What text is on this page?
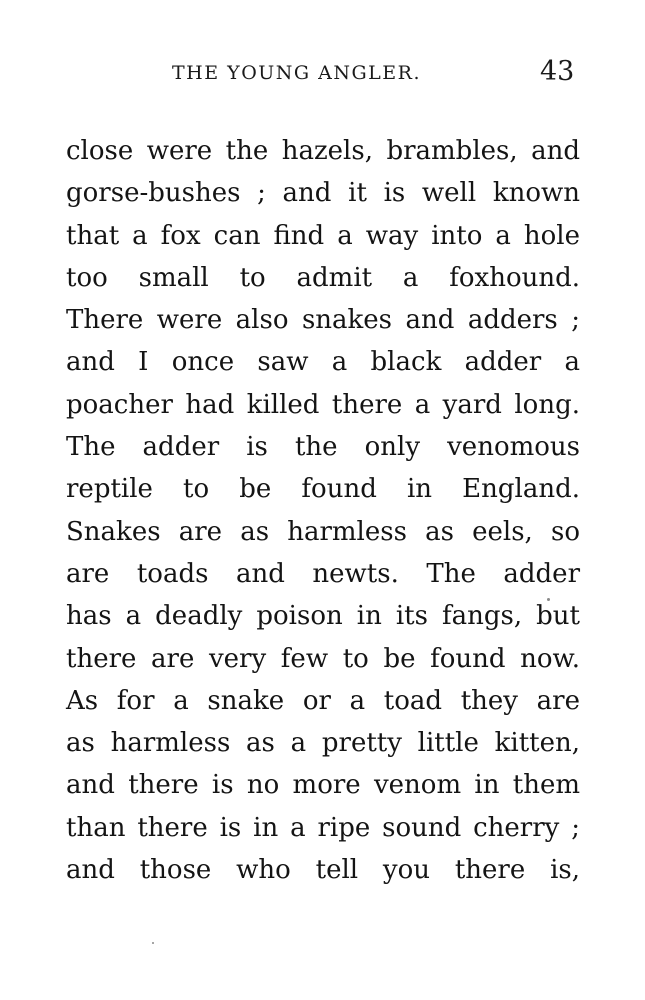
THE YOUNG ANGLER.	43
close were the hazels, brambles, and
gorse-bushes ; and it is well known
that a fox can find a way into a hole
too small to admit a foxhound.
There were also snakes and adders ;
and I once saw a black adder a
poacher had killed there a yard long.
The adder is the only venomous
reptile to be found in England.
Snakes are as harmless as eels, so
are toads and newts. The adder
has a deadly poison in its fangs, but
there are very few to be found now.
As for a snake or a toad they are
as harmless as a pretty little kitten,
and there is no more venom in them
than there is in a ripe sound cherry ;
and those who tell you there is,
